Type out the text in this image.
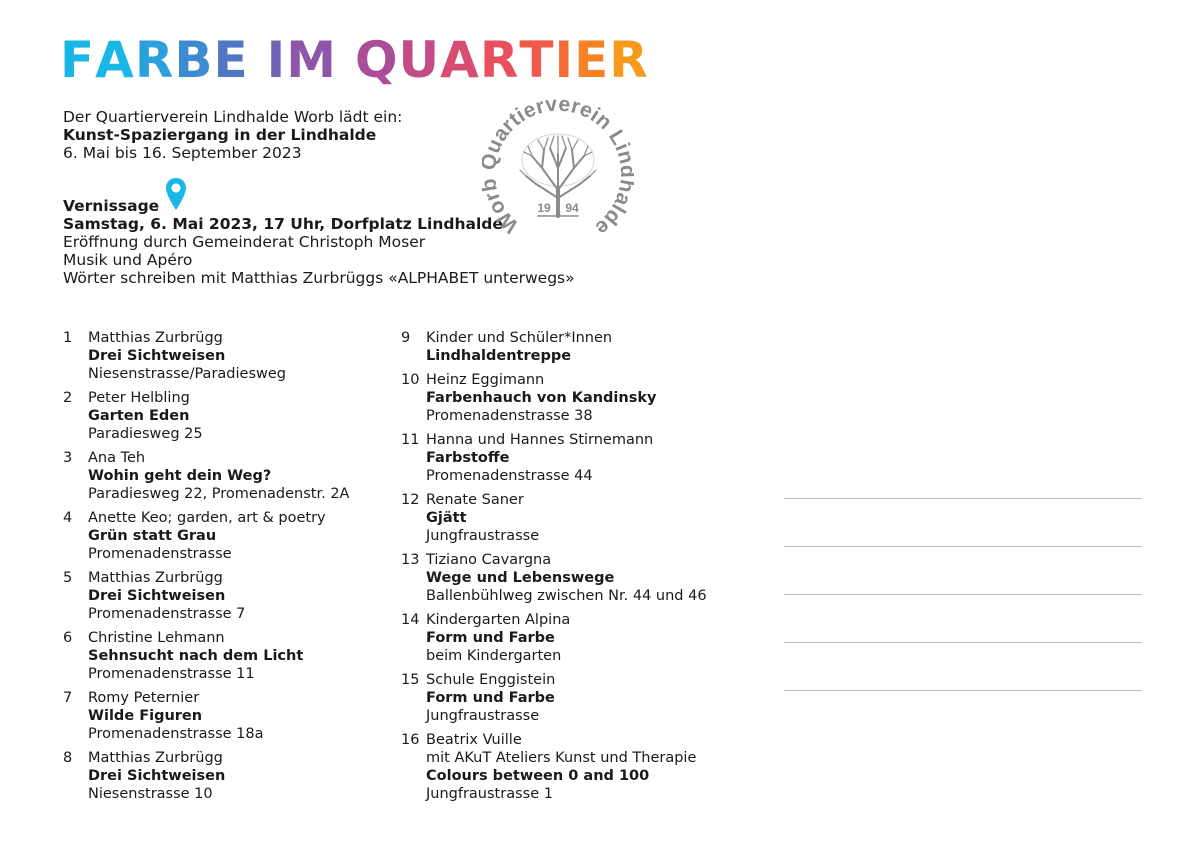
FARBE IM QUARTIER
Der Quartierverein Lindhalde Worb lädt ein:
Kunst-Spaziergang in der Lindhalde
6. Mai bis 16. September 2023
Vernissage
Samstag, 6. Mai 2023, 17 Uhr, Dorfplatz Lindhalde
Eröffnung durch Gemeinderat Christoph Moser
Musik und Apéro
Wörter schreiben mit Matthias Zurbrüggs «ALPHABET unterwegs»
Wor uartierverein Li alde
19 94
1 Matthias Zurbrügg
Drei Sichtweisen
Niesenstrasse/Paradiesweg
2 Peter Helbling
Garten Eden
Paradiesweg 25
3 Ana Teh
Wohin geht dein Weg?
Paradiesweg 22, Promenadenstr. 2A
4 Anette Keo; garden, art & poetry
Grün statt Grau
Promenadenstrasse
5 Matthias Zurbrügg
Drei Sichtweisen
Promenadenstrasse 7
6 Christine Lehmann
Sehnsucht nach dem Licht
Promenadenstrasse 11
7 Romy Peternier
Wilde Figuren
Promenadenstrasse 18a
8 Matthias Zurbrügg
Drei Sichtweisen
Niesenstrasse 10
9 Kinder und Schüler*Innen
Lindhaldentreppe
10 Heinz Eggimann
Farbenhauch von Kandinsky
Promenadenstrasse 38
11 Hanna und Hannes Stirnemann
Farbstoffe
Promenadenstrasse 44
12 Renate Saner
Gjätt
Jungfraustrasse
13 Tiziano Cavargna
Wege und Lebenswege
Ballenbühlweg zwischen Nr. 44 und 46
14 Kindergarten Alpina
Form und Farbe
beim Kindergarten
15 Schule Enggistein
Form und Farbe
Jungfraustrasse
16 Beatrix Vuille
mit AKuT Ateliers Kunst und Therapie
Colours between 0 and 100
Jungfraustrasse 1
